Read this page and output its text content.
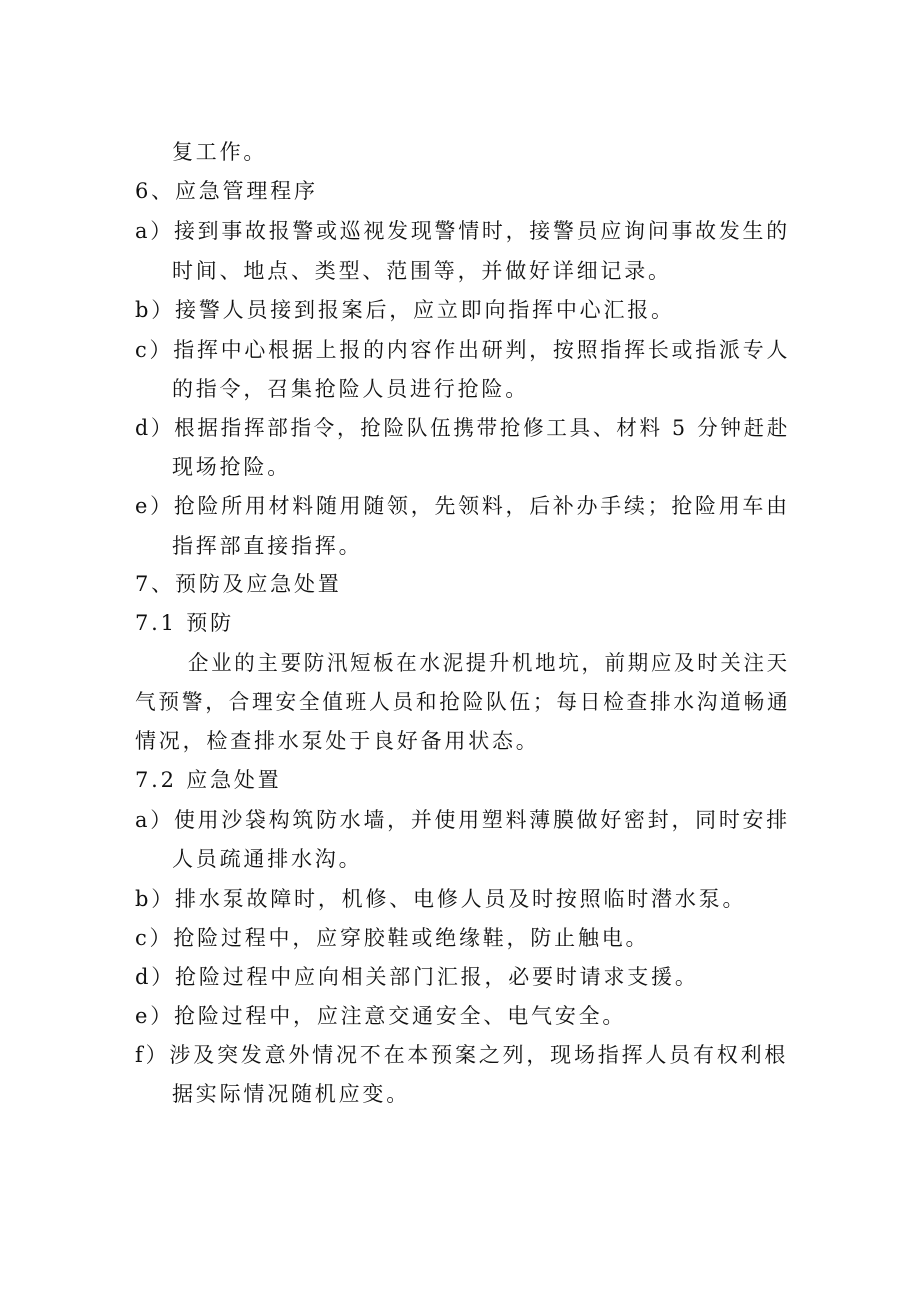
复工作。
6、应急管理程序
a）接到事故报警或巡视发现警情时，接警员应询问事故发生的
时间、地点、类型、范围等，并做好详细记录。
b）接警人员接到报案后，应立即向指挥中心汇报。
c）指挥中心根据上报的内容作出研判，按照指挥长或指派专人
的指令，召集抢险人员进行抢险。
d）根据指挥部指令，抢险队伍携带抢修工具、材料 5 分钟赶赴
现场抢险。
e）抢险所用材料随用随领，先领料，后补办手续；抢险用车由
指挥部直接指挥。
7、预防及应急处置
7.1 预防
企业的主要防汛短板在水泥提升机地坑，前期应及时关注天
气预警，合理安全值班人员和抢险队伍；每日检查排水沟道畅通
情况，检查排水泵处于良好备用状态。
7.2 应急处置
a）使用沙袋构筑防水墙，并使用塑料薄膜做好密封，同时安排
人员疏通排水沟。
b）排水泵故障时，机修、电修人员及时按照临时潜水泵。
c）抢险过程中，应穿胶鞋或绝缘鞋，防止触电。
d）抢险过程中应向相关部门汇报，必要时请求支援。
e）抢险过程中，应注意交通安全、电气安全。
f）涉及突发意外情况不在本预案之列，现场指挥人员有权利根
据实际情况随机应变。
